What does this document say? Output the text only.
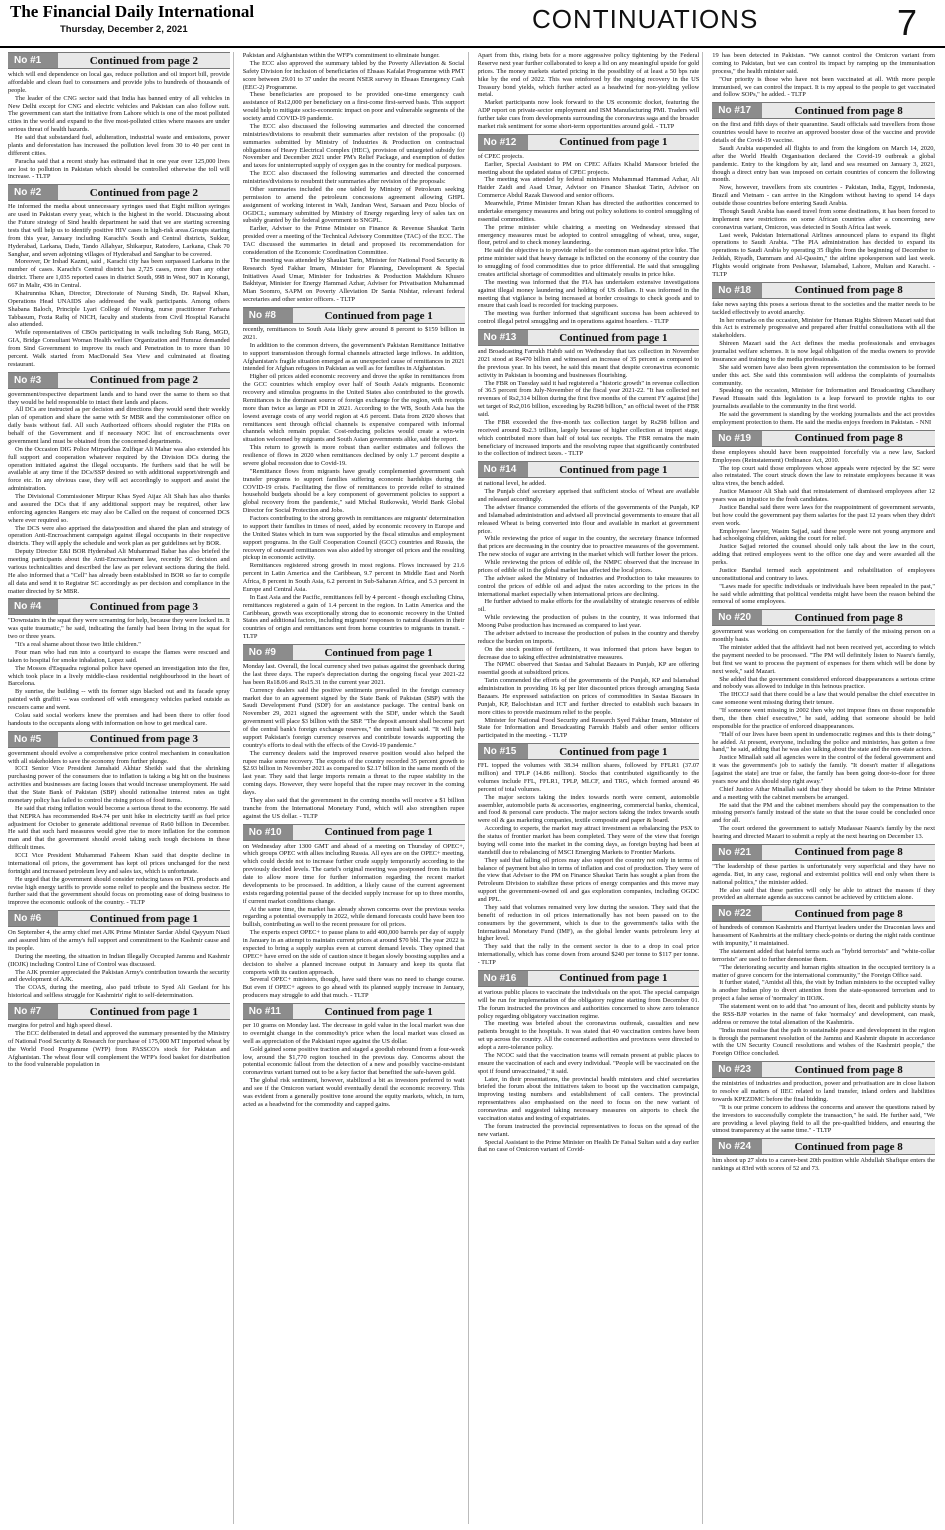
The Financial Daily International
Thursday, December 2, 2021	CONTINUATIONS	7
No #1	Continued from page 2

which will end dependence on local gas, reduce pollution and oil import bill, provide affordable and clean fuel to consumers and provide jobs to hundreds of thousands of people.

The leader of the CNG sector said that India has banned entry of all vehicles in New Delhi except for CNG and electric vehicles and Pakistan can also follow suit. The government can start the initiative from Lahore which is one of the most polluted cities in the world and expand to the five most-polluted cities where masses are under serious threat of health hazards.

He said that substandard fuel, adulteration, industrial waste and emissions, power plants and deforestation has increased the pollution level from 30 to 40 per cent in different cities.

Paracha said that a recent study has estimated that in one year over 125,000 lives are lost to pollution in Pakistan which should be controlled otherwise the toll will increase. - TLTP

No #2	Continued from page 2

He informed the media about unnecessary syringes used that Eight million syringes are used in Pakistan every year, which is the highest in the world. Discussing about the Future strategy of Sind health department he said that we are starting screening tests that will help us to identify positive HIV cases in high-risk areas.Groups starting from this year, January including Karachi's South and Central districts, Sukkur, Hyderabad, Larkana, Dadu, Tando Allahyar, Shikarpur, Ratodero, Larkana, Chak 70 Sanghar, and seven adjoining villages of Hyderabad and Sanghar to be covered.

Moreover, Dr Irshad Kazmi, said , Karachi city has been surpassed Larkana in the number of cases. Karachi's Central district has 2,725 cases, more than any other district. There are 1,035 reported cases in district South, 998 in West, 907 in Korangi, 667 in Malir, 436 in Central.

Khairunnisa Khan, Director, Directorate of Nursing Sindh, Dr. Rajwal Khan, Operations Head UNAIDS also addressed the walk participants. Among others Shabana Baloch, Principle Lyari College of Nursing, nurse practitioner Farhana Tabbasum, Fozia Rafiq of NICH, faculty and students from Civil Hospital Karachi also attended.

While representatives of CBOs participating in walk including Sub Rang, MGD, GIA, Bridge Consultant Woman Health welfare Organization and Humraz demanded from Sind Government to improve its reach and Penetration in to more than 10 percent. Walk started from MacDonald Sea View and culminated at floating restaurant.

No #3	Continued from page 2

government/respective department lands and to hand over the same to them so that they would be held responsible to intact their lands and places.

All DCs are instructed as per decision and directions they would send their weekly plan of operation and share the same with Sr MBR and the commissioner office on daily basis without fail. All such Authorized officers should register the FIRs on behalf of the Government and if necessary NOC list of encroachments over government land must be obtained from the concerned departments.

On the Occasion DIG Police Mirparkhas Zulfiqar Ali Mahar was also extended his full support and cooperation whatever required by the Division DCs during the operation initiated against the illegal occupants. He furthers said that he will be available at any time if the DCs/SSP desired so with additional support/strength and force etc. In any obvious case, they will act accordingly to support and assist the administration.

The Divisional Commissioner Mirpur Khas Syed Aijaz Ali Shah has also thanks and assured the DCs that if any additional support may be required, other law enforcing agencies Rangers etc may also be Called on the request of concerned DCS where ever required so.

The DCS were also apprised the data/position and shared the plan and strategy of operation Anti-Encroachment campaign against illegal occupants in their respective districts. They will apply the schedule and work plan as per guidelines set by BOR.

Deputy Director E&I BOR Hyderabad Ali Muhammad Babar has also briefed the meeting participants about the Anti-Encroachment law, recently SC decision and various technicalities and described the law as per relevant sections during the field. He also informed that a "Cell" has already been established in BOR so far to compile all data and send it to Registrar SC accordingly as per decision and compliance in the matter directed by Sr MBR.

No #4	Continued from page 3

"Downstairs in the squat they were screaming for help, because they were locked in. It was quite traumatic," he said, indicating the family had been living in the squat for two or three years.

"It's a real shame about those two little children."

Four man who had run into a courtyard to escape the flames were rescued and taken to hospital for smoke inhalation, Lopez said.

The Mossos d'Esquadra regional police have opened an investigation into the fire, which took place in a lively middle-class residential neighbourhood in the heart of Barcelona.

By sunrise, the building -- with its former sign blacked out and its facade spray painted with graffiti -- was cordoned off with emergency vehicles parked outside as rescuers came and went.

Colau said social workers knew the premises and had been there to offer food handouts to the occupants along with information on how to get medical care.

No #5	Continued from page 3

government should evolve a comprehensive price control mechanism in consultation with all stakeholders to save the economy from further plunge.

ICCI Senior Vice President Jamshaid Akhtar Sheikh said that the shrinking purchasing power of the consumers due to inflation is taking a big hit on the business activities and businesses are facing losses that would increase unemployment. He said that the State Bank of Pakistan (SBP) should rationalise interest rates as tight monetary policy has failed to control the rising prices of food items.

He said that rising inflation would become a serious threat to the economy. He said that NEPRA has recommended Rs4.74 per unit hike in electricity tariff as fuel price adjustment for October to generate additional revenue of Rs60 billion in December. He said that such hard measures would give rise to more inflation for the common man and that the government should avoid taking such tough decisions in these difficult times.

ICCI Vice President Muhammad Faheem Khan said that despite decline in international oil prices, the government has kept oil prices unchanged for the next fortnight and increased petroleum levy and sales tax, which is unfortunate.

He urged that the government should consider reducing taxes on POL products and revise high energy tariffs to provide some relief to people and the business sector. He further said that the government should focus on promoting ease of doing business to improve the economic outlook of the country. - TLTP

No #6	Continued from page 1

On September 4, the army chief met AJK Prime Minister Sardar Abdul Qayyum Niazi and assured him of the army's full support and commitment to the Kashmir cause and its people.

During the meeting, the situation in Indian Illegally Occupied Jammu and Kashmir (IIOJK) including Control Line of Control was discussed.

The AJK premier appreciated the Pakistan Army's contribution towards the security and development of AJK.

The COAS, during the meeting, also paid tribute to Syed Ali Geelani for his historical and selfless struggle for Kashmiris' right to self-determination.

No #7	Continued from page 1

margins for petrol and high speed diesel.

The ECC deliberated in detail and approved the summary presented by the Ministry of National Food Security & Research for purchase of 175,000 MT imported wheat by the World Food Programme (WFP) from PASSCO's stock for Pakistan and Afghanistan. The wheat flour will complement the WFP's food basket for distribution to the food vulnerable population in

Pakistan and Afghanistan within the WFP's commitment to eliminate hunger.

The ECC also approved the summary tabled by the Poverty Alleviation & Social Safety Division for inclusion of beneficiaries of Ehsaas Kafalat Programme with PMT score between 29.01 to 37 under the recent NSER survey in Ehsaas Emergency Cash (EEC-2) Programme.

These beneficiaries are proposed to be provided one-time emergency cash assistance of Rs12,000 per beneficiary on a first-come first-served basis. This support would help to mitigate socio-economic impact on poor and vulnerable segments of the society amid COVID-19 pandemic.

The ECC also discussed the following summaries and directed the concerned ministries/divisions to resubmit their summaries after revision of the proposals: (i) summaries submitted by Ministry of Industries & Production on contractual obligations of Heavy Electrical Complex (HEC), provision of untargeted subsidy for November and December 2021 under PM's Relief Package, and exemption of duties and taxes for uninterrupted supply of oxygen gas in the country for medical purposes.

The ECC also discussed the following summaries and directed the concerned ministries/divisions to resubmit their summaries after revision of the proposals:

Other summaries included the one tabled by Ministry of Petroleum seeking permission to amend the petroleum concessions agreement allowing GHPL assignment of working interest in Wali, Jandran West, Sarsaan and Pezu blocks of OGDCL; summary submitted by Ministry of Energy regarding levy of sales tax on subsidy granted by the federal government to SNGPL.

Earlier, Adviser to the Prime Minister on Finance & Revenue Shaukat Tarin presided over a meeting of the Technical Advisory Committee (TAC) of the ECC. The TAC discussed the summaries in detail and proposed its recommendation for consideration of the Economic Coordination Committee.

The meeting was attended by Shaukat Tarin, Minister for National Food Security & Research Syed Fakhar Imam, Minister for Planning, Development & Special Initiatives Asad Umar, Minister for Industries & Production Makhdum Khusro Bakhtyar, Minister for Energy Hammad Azhar, Adviser for Privatisation Muhammad Mian Soomro, SAPM on Poverty Alleviation Dr Sania Nishtar, relevant federal secretaries and other senior officers. - TLTP

No #8	Continued from page 1

recently, remittances to South Asia likely grew around 8 percent to $159 billion in 2021.

In addition to the common drivers, the government's Pakistan Remittance Initiative to support transmission through formal channels attracted large inflows. In addition, Afghanistan's fragile situation emerged as an unexpected cause of remittances in 2021 intended for Afghan refugees in Pakistan as well as for families in Afghanistan.

Higher oil prices aided economic recovery and drove the spike in remittances from the GCC countries which employ over half of South Asia's migrants. Economic recovery and stimulus programs in the United States also contributed to the growth. Remittances is the dominant source of foreign exchange for the region, with receipts more than twice as large as FDI in 2021. According to the WB, South Asia has the lowest average costs of any world region at 4.6 percent. Data from 2020 shows that remittances sent through official channels is expensive compared with informal channels which remain popular. Cost-reducing policies would create a win-win situation welcomed by migrants and South Asian governments alike, said the report.

This return to growth is more robust than earlier estimates and follows the resilience of flows in 2020 when remittances declined by only 1.7 percent despite a severe global recession due to Covid-19.

"Remittance flows from migrants have greatly complemented government cash transfer programs to support families suffering economic hardships during the COVID-19 crisis. Facilitating the flow of remittances to provide relief to strained household budgets should be a key component of government policies to support a global recovery from the pandemic," said Michal Rutkowski, World Bank Global Director for Social Protection and Jobs.

Factors contributing to the strong growth in remittances are migrants' determination to support their families in times of need, aided by economic recovery in Europe and the United States which in turn was supported by the fiscal stimulus and employment support programs. In the Gulf Cooperation Council (GCC) countries and Russia, the recovery of outward remittances was also aided by stronger oil prices and the resulting pickup in economic activity.

Remittances registered strong growth in most regions. Flows increased by 21.6 percent in Latin America and the Caribbean, 9.7 percent in Middle East and North Africa, 8 percent in South Asia, 6.2 percent in Sub-Saharan Africa, and 5.3 percent in Europe and Central Asia.

In East Asia and the Pacific, remittances fell by 4 percent - though excluding China, remittances registered a gain of 1.4 percent in the region. In Latin America and the Caribbean, growth was exceptionally strong due to economic recovery in the United States and additional factors, including migrants' responses to natural disasters in their countries of origin and remittances sent from home countries to migrants in transit. - TLTP

No #9	Continued from page 1

Monday last. Overall, the local currency shed two paisas against the greenback during the last three days. The rupee's depreciation during the ongoing fiscal year 2021-22 has been Rs18.06 and Rs15.31 in the current year 2021.

Currency dealers said the positive sentiments prevailed in the foreign currency market due to an agreement signed by the State Bank of Pakistan (SBP) with the Saudi Development Fund (SDF) for an assistance package. The central bank on November 29, 2021 signed the agreement with the SDF, under which the Saudi government will place $3 billion with the SBP. "The deposit amount shall become part of the central bank's foreign exchange reserves," the central bank said. "It will help support Pakistan's foreign currency reserves and contribute towards supporting the country's efforts to deal with the effects of the Covid-19 pandemic."

The currency dealers said the improved reserve position would also helped the rupee make some recovery. The exports of the country recorded 35 percent growth to $2.93 billion in November 2021 as compared to $2.17 billion in the same month of the last year. They said that large imports remain a threat to the rupee stability in the coming days. However, they were hopeful that the rupee may recover in the coming days.

They also said that the government in the coming months will receive a $1 billion tranche from the International Monetary Fund, which will also strengthen rupee against the US dollar. - TLTP

No #10	Continued from page 1

on Wednesday after 1300 GMT and ahead of a meeting on Thursday of OPEC+, which groups OPEC with allies including Russia. All eyes are on the OPEC+ meeting, which could decide not to increase further crude supply temporarily according to the previously decided levels. The cartel's original meeting was postponed from its initial date to allow more time for further information regarding the recent market developments to be processed. In addition, a likely cause of the current agreement exists regarding potential pause of the decided supply increase for up to three months, if current market conditions change.

At the same time, the market has already shown concerns over the previous weeks regarding a potential oversupply in 2022, while demand forecasts could have been too bullish, contributing as well to the recent pressure for oil prices.

The experts expect OPEC+ to pause plans to add 400,000 barrels per day of supply in January in an attempt to maintain current prices at around $70 bbl. The year 2022 is expected to bring a supply surplus even at current demand levels. They opined that OPEC+ have erred on the side of caution since it began slowly boosting supplies and a decision to shelve a planned increase output in January and keep its quota flat comports with its caution approach.

Several OPEC+ ministers, though, have said there was no need to change course. But even if OPEC+ agrees to go ahead with its planned supply increase in January, producers may struggle to add that much. - TLTP

No #11	Continued from page 1

per 10 grams on Monday last. The decrease in gold value in the local market was due to overnight change in the commodity's price when the local market was closed as well as appreciation of the Pakistani rupee against the US dollar.

Gold gained some positive traction and staged a goodish rebound from a four-week low, around the $1,770 region touched in the previous day. Concerns about the potential economic fallout from the detection of a new and possibly vaccine-resistant coronavirus variant turned out to be a key factor that benefited the safe-haven gold.

The global risk sentiment, however, stabilized a bit as investors preferred to wait and see if the Omicron variant would eventually derail the economic recovery. This was evident from a generally positive tone around the equity markets, which, in turn, acted as a headwind for the commodity and capped gains.

Apart from this, rising bets for a more aggressive policy tightening by the Federal Reserve next year further collaborated to keep a lid on any meaningful upside for gold prices. The money markets started pricing in the possibility of at least a 50 bps rate hike by the end of 2022. This was reinforced by the ongoing recovery in the US Treasury bond yields, which further acted as a headwind for non-yielding yellow metal.

Market participants now look forward to the US economic docket, featuring the ADP report on private-sector employment and ISM Manufacturing PMI. Traders will further take cues from developments surrounding the coronavirus saga and the broader market risk sentiment for some short-term opportunities around gold. - TLTP

No #12	Continued from page 1

of CPEC projects.

Earlier, Special Assistant to PM on CPEC Affairs Khalid Mansoor briefed the meeting about the updated status of CPEC projects.

The meeting was attended by federal ministers Muhammad Hammad Azhar, Ali Haider Zaidi and Asad Umar, Advisor on Finance Shaukat Tarin, Advisor on Commerce Abdul Razak Dawood and senior officers.

Meanwhile, Prime Minister Imran Khan has directed the authorities concerned to undertake emergency measures and bring out policy solutions to control smuggling of essential commodities.

The prime minister while chairing a meeting on Wednesday stressed that emergency measures must be adopted to control smuggling of wheat, urea, sugar, flour, petrol and to check money laundering.

He said the objective is to provide relief to the common man against price hike. The prime minister said that heavy damage is inflicted on the economy of the country due to smuggling of food commodities due to price differential. He said that smuggling creates artificial shortage of commodities and ultimately results in price hike.

The meeting was informed that the FIA has undertaken extensive investigations against illegal money laundering and holding of US dollars. It was informed in the meeting that vigilance is being increased at border crossings to check goods and to ensure that cash load is recorded for tracking purposes.

The meeting was further informed that significant success has been achieved to control illegal petrol smuggling and in operations against hoarders. - TLTP

No #13	Continued from page 1

and Broadcasting Farrukh Habib said on Wednesday that tax collection in November 2021 stood at Rs470 billion and witnessed an increase of 35 percent as compared to the previous year. In his tweet, he said this meant that despite coronavirus economic activity in Pakistan is booming and businesses flourishing.

The FBR on Tuesday said it had registered a "historic growth" in revenue collection of 36.5 percent from July-November of the fiscal year 2021-22. "It has collected net revenues of Rs2,314 billion during the first five months of the current FY against [the] set target of Rs2,016 billion, exceeding by Rs298 billion," an official tweet of the FBR said.

The FBR exceeded the five-month tax collection target by Rs298 billion and received around Rs2.3 trillion, largely because of higher collection at import stage, which contributed more than half of total tax receipts. The FBR remains the main beneficiary of increased imports and the resolving rupee that significantly contributed to the collection of indirect taxes. - TLTP

No #14	Continued from page 1

at national level, he added.

The Punjab chief secretary apprised that sufficient stocks of Wheat are available and released accordingly.

The adviser finance commended the efforts of the governments of the Punjab, KP and Islamabad administration and advised all provincial governments to ensure that all released Wheat is being converted into flour and available in market at government price.

While reviewing the price of sugar in the country, the secretary finance informed that prices are decreasing in the country due to proactive measures of the government. The new stocks of sugar are arriving in the market which will further lower the prices.

While reviewing the prices of edible oil, the NMPC observed that the increase in prices of edible oil in the global market has affected the local prices.

The adviser asked the Ministry of Industries and Production to take measures to control the prices of edible oil and adjust the rates according to the prices in the international market especially when international prices are declining.

He further advised to make efforts for the availability of strategic reserves of edible oil.

While reviewing the production of pulses in the country, it was informed that Moong Pulse production has increased as compared to last year.

The adviser advised to increase the production of pulses in the country and thereby reduce the burden on imports.

On the stock position of fertilizers, it was informed that prices have begun to decrease due to taking effective administrative measures.

The NPMC observed that Sastaa and Sahulat Bazaars in Punjab, KP are offering essential goods at subsidized prices.

Tarin commended the efforts of the governments of the Punjab, KP and Islamabad administration in providing 16 kg per liter discounted prices through arranging Sasta Bazaars. He expressed satisfaction on prices of commodities in Sastaa Bazaars in Punjab, KP, Balochistan and ICT and further directed to establish such bazaars in more cities to provide maximum relief to the people.

Minister for National Food Security and Research Syed Fakhar Imam, Minister of State for Information and Broadcasting Farrukh Habib and other senior officers participated in the meeting. - TLTP

No #15	Continued from page 1

FFL topped the volumes with 38.34 million shares, followed by FFLR1 (37.07 million) and TPLP (14.86 million). Stocks that contributed significantly to the volumes include FFL, FFLR1, TPLP, MLCF, and TRG, which formed around 46 percent of total volumes.

The major sectors taking the index towards north were cement, automobile assembler, automobile parts & accessories, engineering, commercial banks, chemical, and food & personal care products. The major sectors taking the index towards south were oil & gas marketing companies, textile composite and paper & board.

According to experts, the market may attract investment as rebalancing the PSX to the status of frontier market has been completed. They were of the view that foreign buying will come into the market in the coming days, as foreign buying had been at standstill due to rebalancing of MSCI Emerging Markets to Frontier Markets.

They said that falling oil prices may also support the country not only in terms of balance of payment but also in terms of inflation and cost of production. They were of the view that Adviser to the PM on Finance Shaukat Tarin has sought a plan from the Petroleum Division to stabilize these prices of energy companies and this move may support the government-owned oil and gas exploration companies, including OGDC and PPL.

They said that volumes remained very low during the session. They said that the benefit of reduction in oil prices internationally has not been passed on to the consumers by the government, which is due to the government's talks with the International Monetary Fund (IMF), as the global lender wants petroleum levy at higher level.

They said that the rally in the cement sector is due to a drop in coal price internationally, which has come down from around $240 per tonne to $117 per tonne. - TLTP

No #16	Continued from page 1

at various public places to vaccinate the individuals on the spot. The special campaign will be run for implementation of the obligatory regime starting from December 01. The forum instructed the provinces and authorities concerned to show zero tolerance policy regarding obligatory vaccination regime.

The meeting was briefed about the coronavirus outbreak, casualties and new patients brought to the hospitals. It was stated that 40 vaccination centres have been set up across the country. All the concerned authorities and provinces were directed to adopt a zero-tolerance policy.

The NCOC said that the vaccination teams will remain present at public places to ensure the vaccination of each and every individual. "People will be vaccinated on the spot if found unvaccinated," it said.

Later, in their presentations, the provincial health ministers and chief secretaries briefed the forum about the initiatives taken to boost up the vaccination campaign, improving testing numbers and establishment of call centers. The provincial representatives also emphasised on the need to focus on the new variant of coronavirus and suggested taking necessary measures on airports to check the vaccination status and testing of expatriates.

The forum instructed the provincial representatives to focus on the spread of the new variant.

Special Assistant to the Prime Minister on Health Dr Faisal Sultan said a day earlier that no case of Omicron variant of Covid-

19 has been detected in Pakistan. "We cannot control the Omicron variant from coming to Pakistan, but we can control its impact by ramping up the immunisation process," the health minister said.

"Our priority is those who have not been vaccinated at all. With more people immunised, we can control the impact. It is my appeal to the people to get vaccinated and follow SOPs," he added. - TLTP

No #17	Continued from page 8

on the first and fifth days of their quarantine. Saudi officials said travellers from those countries would have to receive an approved booster dose of the vaccine and provide details of the Covid-19 vaccine.

Saudi Arabia suspended all flights to and from the kingdom on March 14, 2020, after the World Health Organisation declared the Covid-19 outbreak a global pandemic. Entry to the kingdom by air, land and sea resumed on January 3, 2021, though a direct entry ban was imposed on certain countries of concern the following month.

Now, however, travellers from six countries - Pakistan, India, Egypt, Indonesia, Brazil and Vietnam - can arrive in the Kingdom without having to spend 14 days outside those countries before entering Saudi Arabia.

Though Saudi Arabia has eased travel from some destinations, it has been forced to implement new restrictions on some African countries after a concerning new coronavirus variant, Omicron, was detected in South Africa last week.

Last week, Pakistan International Airlines announced plans to expand its flight operations to Saudi Arabia. "The PIA administration has decided to expand its operations to Saudi Arabia by operating 35 flights from the beginning of December to Jeddah, Riyadh, Dammam and Al-Qassim," the airline spokesperson said last week. Flights would originate from Peshawar, Islamabad, Lahore, Multan and Karachi. - TLTP

No #18	Continued from page 8

fake news saying this poses a serious threat to the societies and the matter needs to be tackled effectively to avoid anarchy.

In her remarks on the occasion, Minister for Human Rights Shireen Mazari said that this Act is extremely progressive and prepared after fruitful consultations with all the stakeholders.

Shireen Mazari said the Act defines the media professionals and envisages journalist welfare schemes. It is now legal obligation of the media owners to provide insurance and training to the media professionals.

She said women have also been given representation the commission to be formed under this act. She said this commission will address the complaints of journalists community.

Speaking on the occasion, Minister for Information and Broadcasting Chaudhary Fawad Hussain said this legislation is a leap forward to provide rights to our journalists available to the community in the first world.

He said the government is standing by the working journalists and the act provides employment protection to them. He said the media enjoys freedom in Pakistan. - NNI

No #19	Continued from page 8

these employees should have been reappointed forcefully via a new law, Sacked Employees (Reinstatement) Ordinance Act, 2010.

The top court said those employees whose appeals were rejected by the SC were also reinstated. The court struck down the law to reinstate employees because it was ultra vires, the bench added.

Justice Mansoor Ali Shah said that reinstatement of dismissed employees after 12 years was an injustice to the fresh candidates.

Justice Bandial said there were laws for the reappointment of government servants, but how could the government pay them salaries for the past 12 years when they didn't even work.

Employees' lawyer, Wasim Sajjad, said these people were not young anymore and had schoolgoing children, asking the court for relief.

Justice Sajjad retorted the counsel should only talk about the law in the court, adding that retired employees went to the office one day and were awarded all the perks.

Justice Bandial termed such appointment and rehabilitation of employees unconstitutional and contrary to laws.

"Laws made for specific individuals or individuals have been repealed in the past," he said while admitting that political vendetta might have been the reason behind the removal of some employees.

No #20	Continued from page 8

government was working on compensation for the family of the missing person on a monthly basis.

The minister added that the affidavit had not been received yet, according to which the payment needed to be processed. "The PM will definitely listen to Nasru's family, but first we want to process the payment of expenses for them which will be done by next week," said Mazari.

She added that the government considered enforced disappearances a serious crime and nobody was allowed to indulge in this heinous practice.

The IHCCJ said that there could be a law that would penalise the chief executive in case someone went missing during their tenure.

"If someone went missing in 2002 then why not impose fines on those responsible then, the then chief executive," he said, adding that someone should be held responsible for the practice of enforced disappearances.

"Half of our lives have been spent in undemocratic regimes and this is their doing," he added. At present, everyone, including the police and ministries, has gotten a free hand," he said, adding that he was also talking about the state and the non-state actors.

Justice Minallah said all agencies were in the control of the federal government and it was the government's job to satisfy the family. "It doesn't matter if allegations [against the state] are true or false, the family has been going door-to-door for three years now and this should stop right away."

Chief Justice Athar Minallah said that they should be taken to the Prime Minister and a meeting with the cabinet members be arranged.

He said that the PM and the cabinet members should pay the compensation to the missing person's family instead of the state so that the issue could be concluded once and for all.

The court ordered the government to satisfy Mudassar Naaru's family by the next hearing and directed Mazari to submit a reply at the next hearing on December 13.

No #21	Continued from page 8

"The leadership of these parties is unfortunately very superficial and they have no agenda. But, in any case, regional and extremist politics will end only when there is national politics," the minister added.

He also said that these parties will only be able to attract the masses if they provided an alternate agenda as success cannot be achieved by criticism alone.

No #22	Continued from page 8

of hundreds of common Kashmiris and Hurriyat leaders under the Draconian laws and harassment of Kashmiris at the military check-points or during the night raids continue with impunity," it maintained.

The statement added that hateful terms such as "hybrid terrorists" and "white-collar terrorists" are used to further demonise them.

"The deteriorating security and human rights situation in the occupied territory is a matter of grave concern for the international community," the Foreign Office said.

It further stated, "Amidst all this, the visit by Indian ministers to the occupied valley is another Indian ploy to divert attention from the state-sponsored terrorism and to project a false sense of 'normalcy' in IIOJK.

The statement went on to add that "no amount of lies, deceit and publicity stunts by the RSS-BJP votaries in the name of fake 'normalcy' and development, can mask, address or remove the total alienation of the Kashmiris.

"India must realise that the path to sustainable peace and development in the region is through the permanent resolution of the Jammu and Kashmir dispute in accordance with the UN Security Council resolutions and wishes of the Kashmiri people," the Foreign Office concluded.

No #23	Continued from page 8

the ministries of industries and production, power and privatisation are in close liaison to resolve all matters of IIEC related to land transfer, inland orders and liabilities towards KPEZDMC before the final bidding.

"It is our prime concern to address the concerns and answer the questions raised by the investors to successfully complete the transaction," he said. He further said, "We are providing a level playing field to all the pre-qualified bidders, and ensuring the utmost transparency at the same time." - TLTP

No #24	Continued from page 8

him shoot up 27 slots to a career-best 20th position while Abdullah Shafique enters the rankings at 83rd with scores of 52 and 73.
